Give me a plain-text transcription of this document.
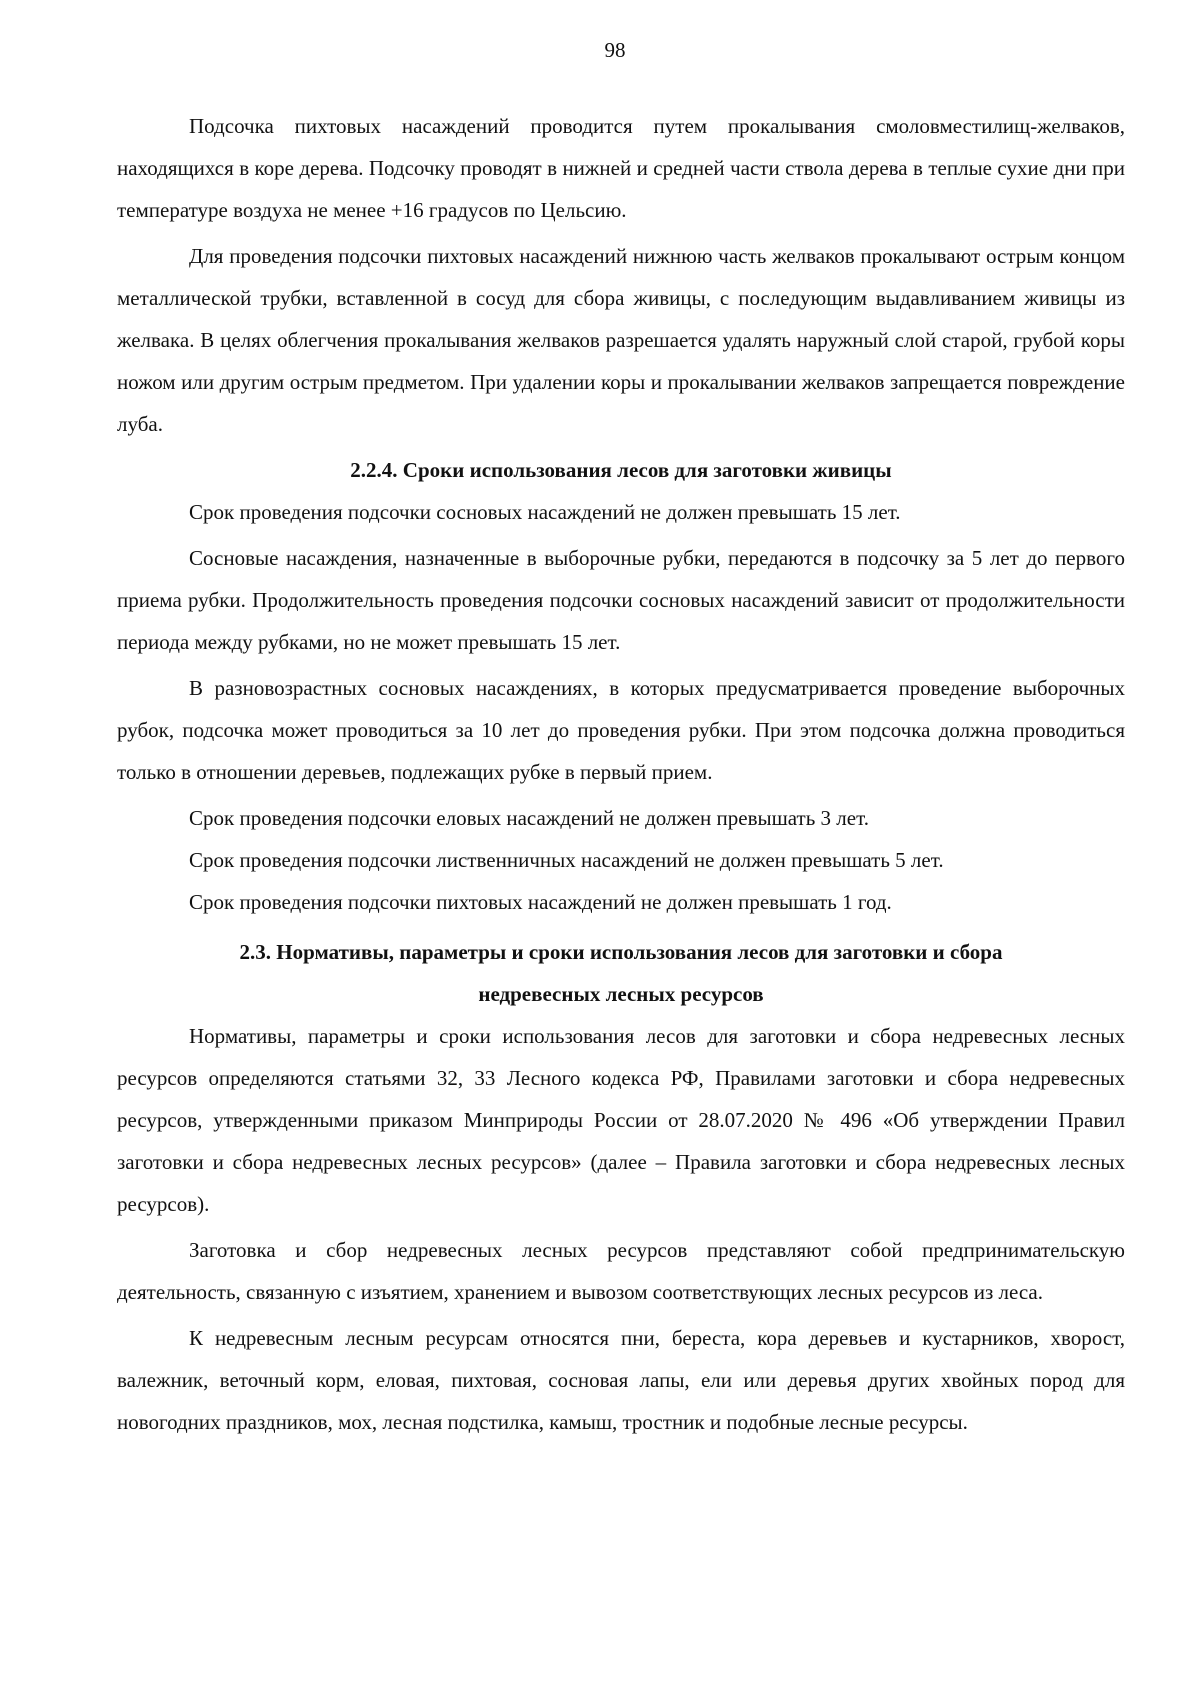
98

Подсочка пихтовых насаждений проводится путем прокалывания смоловместилищ-желваков, находящихся в коре дерева. Подсочку проводят в нижней и средней части ствола дерева в теплые сухие дни при температуре воздуха не менее +16 градусов по Цельсию.

Для проведения подсочки пихтовых насаждений нижнюю часть желваков прокалывают острым концом металлической трубки, вставленной в сосуд для сбора живицы, с последующим выдавливанием живицы из желвака. В целях облегчения прокалывания желваков разрешается удалять наружный слой старой, грубой коры ножом или другим острым предметом. При удалении коры и прокалывании желваков запрещается повреждение луба.

2.2.4. Сроки использования лесов для заготовки живицы

Срок проведения подсочки сосновых насаждений не должен превышать 15 лет.

Сосновые насаждения, назначенные в выборочные рубки, передаются в подсочку за 5 лет до первого приема рубки. Продолжительность проведения подсочки сосновых насаждений зависит от продолжительности периода между рубками, но не может превышать 15 лет.

В разновозрастных сосновых насаждениях, в которых предусматривается проведение выборочных рубок, подсочка может проводиться за 10 лет до проведения рубки. При этом подсочка должна проводиться только в отношении деревьев, подлежащих рубке в первый прием.

Срок проведения подсочки еловых насаждений не должен превышать 3 лет.

Срок проведения подсочки лиственничных насаждений не должен превышать 5 лет.

Срок проведения подсочки пихтовых насаждений не должен превышать 1 год.

2.3. Нормативы, параметры и сроки использования лесов для заготовки и сбора
недревесных лесных ресурсов

Нормативы, параметры и сроки использования лесов для заготовки и сбора недревесных лесных ресурсов определяются статьями 32, 33 Лесного кодекса РФ, Правилами заготовки и сбора недревесных ресурсов, утвержденными приказом Минприроды России от 28.07.2020 № 496 «Об утверждении Правил заготовки и сбора недревесных лесных ресурсов» (далее – Правила заготовки и сбора недревесных лесных ресурсов).

Заготовка и сбор недревесных лесных ресурсов представляют собой предпринимательскую деятельность, связанную с изъятием, хранением и вывозом соответствующих лесных ресурсов из леса.

К недревесным лесным ресурсам относятся пни, береста, кора деревьев и кустарников, хворост, валежник, веточный корм, еловая, пихтовая, сосновая лапы, ели или деревья других хвойных пород для новогодних праздников, мох, лесная подстилка, камыш, тростник и подобные лесные ресурсы.
